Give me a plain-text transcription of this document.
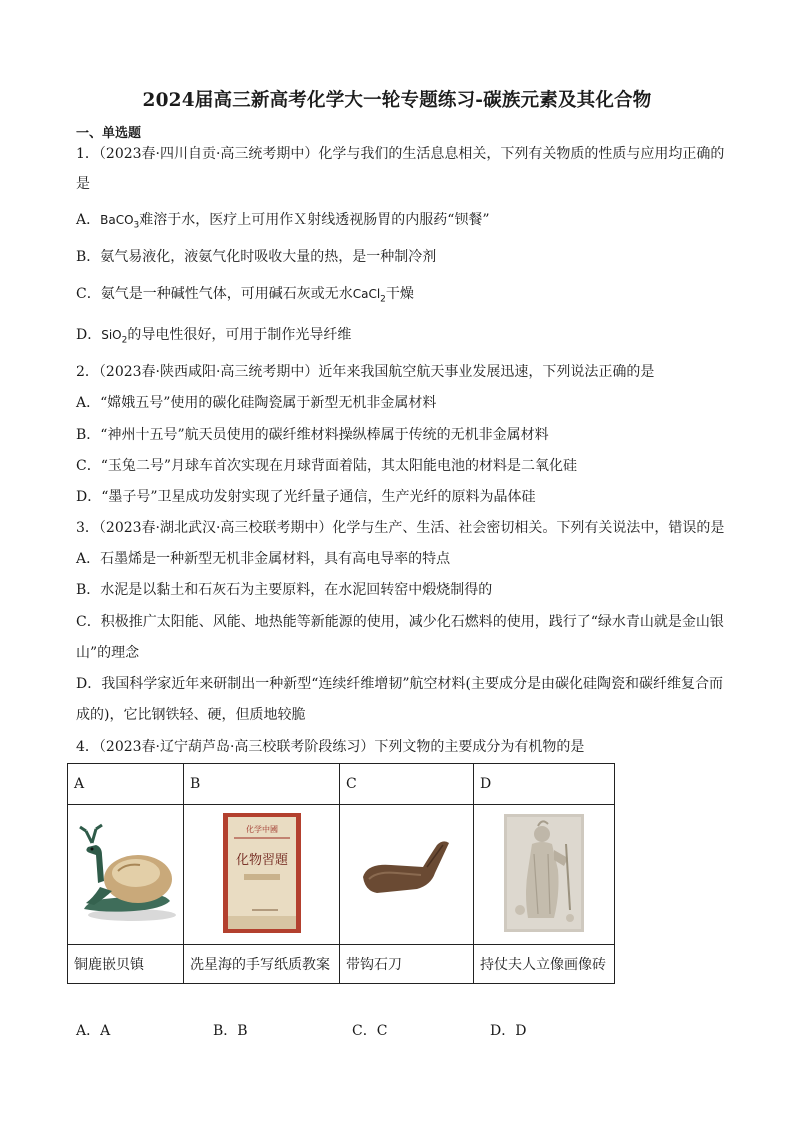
2024届高三新高考化学大一轮专题练习-碳族元素及其化合物
一、单选题
1．（2023春·四川自贡·高三统考期中）化学与我们的生活息息相关，下列有关物质的性质与应用均正确的
是
A．BaCO$_3$难溶于水，医疗上可用作Ｘ射线透视肠胃的内服药“钡餐”
B．氨气易液化，液氨气化时吸收大量的热，是一种制冷剂
C．氨气是一种碱性气体，可用碱石灰或无水CaCl$_2$干燥
D．SiO$_2$的导电性很好，可用于制作光导纤维
2．（2023春·陕西咸阳·高三统考期中）近年来我国航空航天事业发展迅速，下列说法正确的是
A．“嫦娥五号”使用的碳化硅陶瓷属于新型无机非金属材料
B．“神州十五号”航天员使用的碳纤维材料操纵棒属于传统的无机非金属材料
C．“玉兔二号”月球车首次实现在月球背面着陆，其太阳能电池的材料是二氧化硅
D．“墨子号”卫星成功发射实现了光纤量子通信，生产光纤的原料为晶体硅
3．（2023春·湖北武汉·高三校联考期中）化学与生产、生活、社会密切相关。下列有关说法中，错误的是
A．石墨烯是一种新型无机非金属材料，具有高电导率的特点
B．水泥是以黏土和石灰石为主要原料，在水泥回转窑中煅烧制得的
C．积极推广太阳能、风能、地热能等新能源的使用，减少化石燃料的使用，践行了“绿水青山就是金山银
山”的理念
D．我国科学家近年来研制出一种新型“连续纤维增韧”航空材料(主要成分是由碳化硅陶瓷和碳纤维复合而
成的)，它比钢铁轻、硬，但质地较脆
4．（2023春·辽宁葫芦岛·高三校联考阶段练习）下列文物的主要成分为有机物的是
A	B	C	D

化学中國
化物習題

铜鹿嵌贝镇	冼星海的手写纸质教案	带钩石刀	持仗夫人立像画像砖
A．A	B．B	C．C	D．D
